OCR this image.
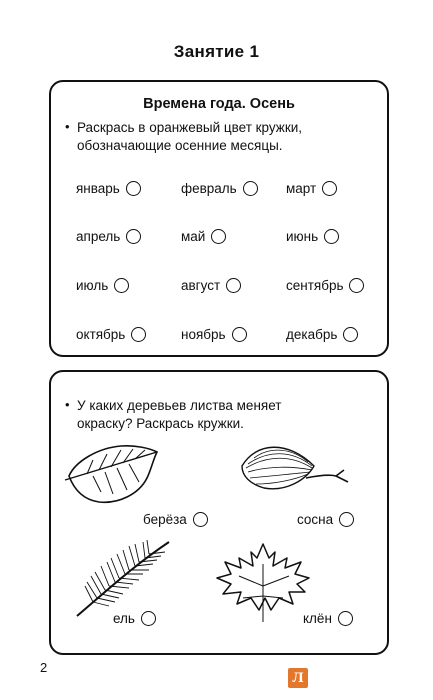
Занятие 1
Времена года. Осень
• Раскрась в оранжевый цвет кружки, обозначающие осенние месяцы.
январь	февраль	март
апрель	май	июнь
июль	август	сентябрь
октябрь	ноябрь	декабрь
• У каких деревьев листва меняет окраску? Раскрась кружки.
берёза	сосна
ель	клён
2
Л
